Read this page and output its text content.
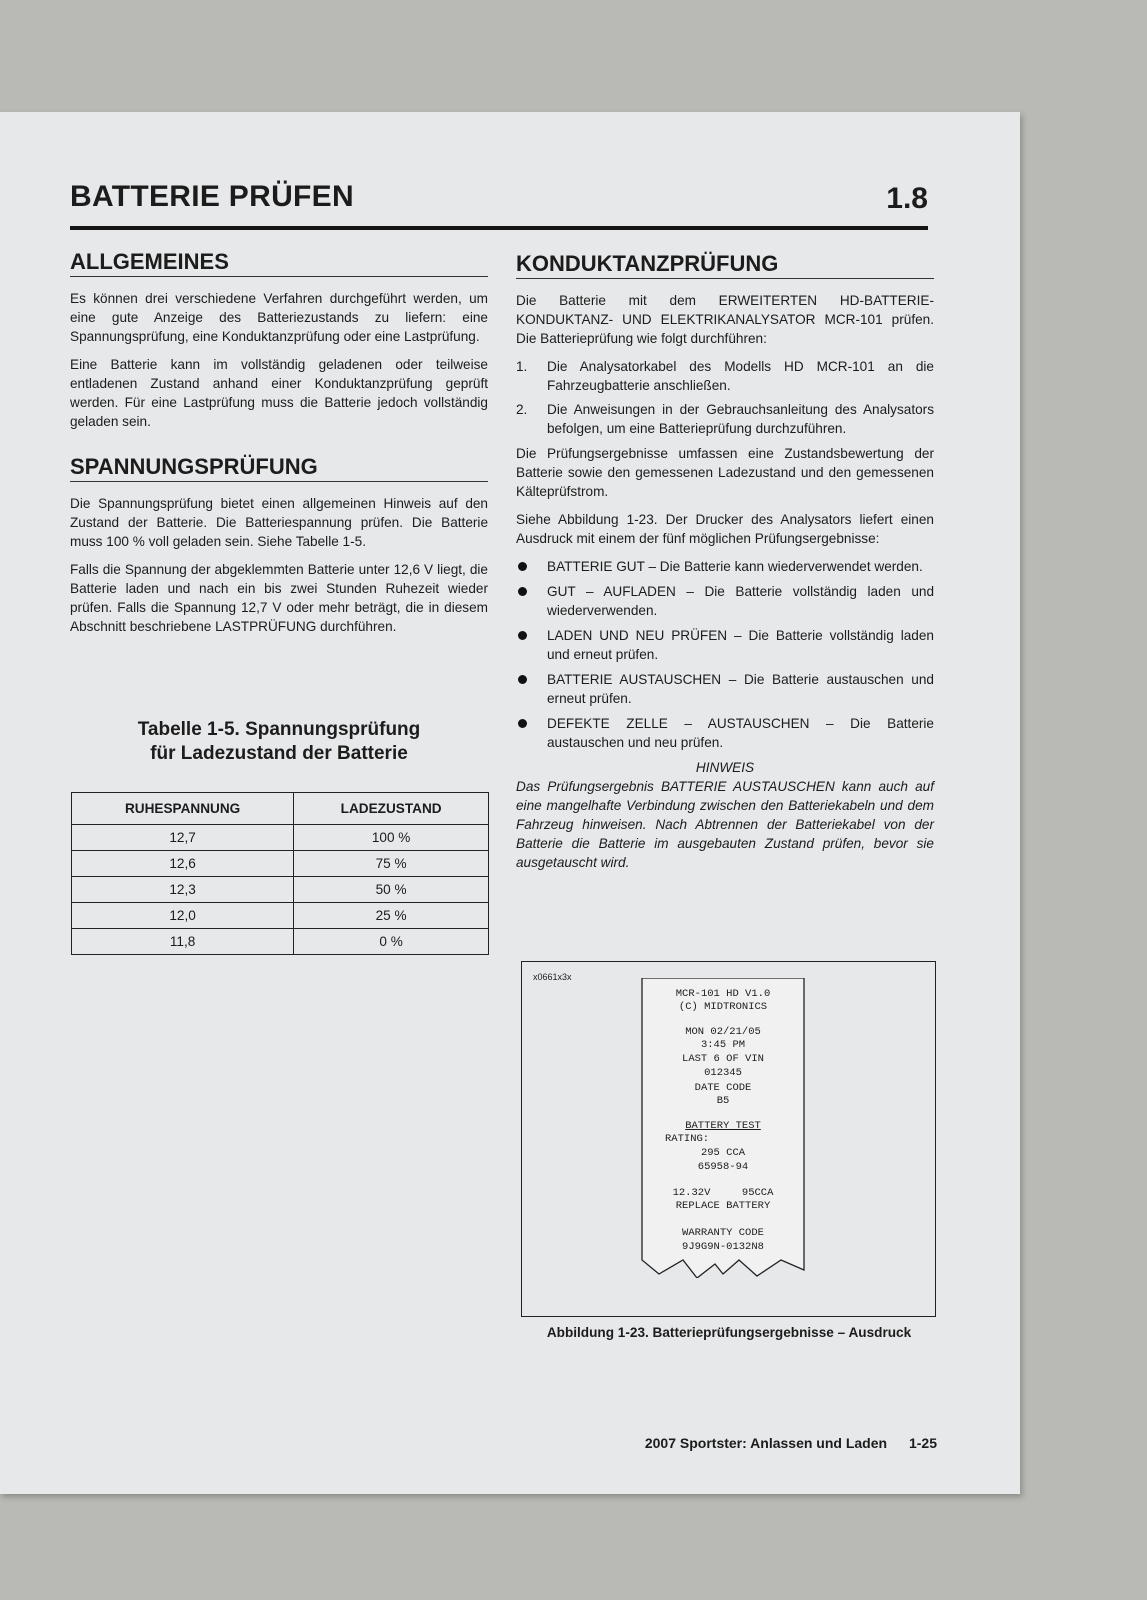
BATTERIE PRÜFEN	1.8
ALLGEMEINES

Es können drei verschiedene Verfahren durchgeführt werden, um eine gute Anzeige des Batteriezustands zu liefern: eine Spannungsprüfung, eine Konduktanzprüfung oder eine Lastprüfung.

Eine Batterie kann im vollständig geladenen oder teilweise entladenen Zustand anhand einer Konduktanzprüfung geprüft werden. Für eine Lastprüfung muss die Batterie jedoch vollständig geladen sein.

SPANNUNGSPRÜFUNG

Die Spannungsprüfung bietet einen allgemeinen Hinweis auf den Zustand der Batterie. Die Batteriespannung prüfen. Die Batterie muss 100 % voll geladen sein. Siehe Tabelle 1-5.

Falls die Spannung der abgeklemmten Batterie unter 12,6 V liegt, die Batterie laden und nach ein bis zwei Stunden Ruhezeit wieder prüfen. Falls die Spannung 12,7 V oder mehr beträgt, die in diesem Abschnitt beschriebene LASTPRÜFUNG durchführen.

Tabelle 1-5. Spannungsprüfung
für Ladezustand der Batterie
RUHESPANNUNG	LADEZUSTAND
12,7	100 %
12,6	75 %
12,3	50 %
12,0	25 %
11,8	0 %
KONDUKTANZPRÜFUNG

Die Batterie mit dem ERWEITERTEN HD-BATTERIE-KONDUKTANZ- UND ELEKTRIKANALYSATOR MCR-101 prüfen. Die Batterieprüfung wie folgt durchführen:

1. Die Analysatorkabel des Modells HD MCR-101 an die Fahrzeugbatterie anschließen.
2. Die Anweisungen in der Gebrauchsanleitung des Analysators befolgen, um eine Batterieprüfung durchzuführen.

Die Prüfungsergebnisse umfassen eine Zustandsbewertung der Batterie sowie den gemessenen Ladezustand und den gemessenen Kälteprüfstrom.

Siehe Abbildung 1-23. Der Drucker des Analysators liefert einen Ausdruck mit einem der fünf möglichen Prüfungsergebnisse:

BATTERIE GUT – Die Batterie kann wiederverwendet werden.
GUT – AUFLADEN – Die Batterie vollständig laden und wiederverwenden.
LADEN UND NEU PRÜFEN – Die Batterie vollständig laden und erneut prüfen.
BATTERIE AUSTAUSCHEN – Die Batterie austauschen und erneut prüfen.
DEFEKTE ZELLE – AUSTAUSCHEN – Die Batterie austauschen und neu prüfen.
HINWEIS
Das Prüfungsergebnis BATTERIE AUSTAUSCHEN kann auch auf eine mangelhafte Verbindung zwischen den Batteriekabeln und dem Fahrzeug hinweisen. Nach Abtrennen der Batteriekabel von der Batterie die Batterie im ausgebauten Zustand prüfen, bevor sie ausgetauscht wird.
x0661x3x
MCR-101 HD V1.0
(C) MIDTRONICS
MON 02/21/05
3:45 PM
LAST 6 OF VIN
012345
DATE CODE
B5
BATTERY TEST
RATING:
295 CCA
65958-94
12.32V	95CCA
REPLACE BATTERY
WARRANTY CODE
9J9G9N-0132N8
Abbildung 1-23. Batterieprüfungsergebnisse – Ausdruck
2007 Sportster: Anlassen und Laden 1-25
